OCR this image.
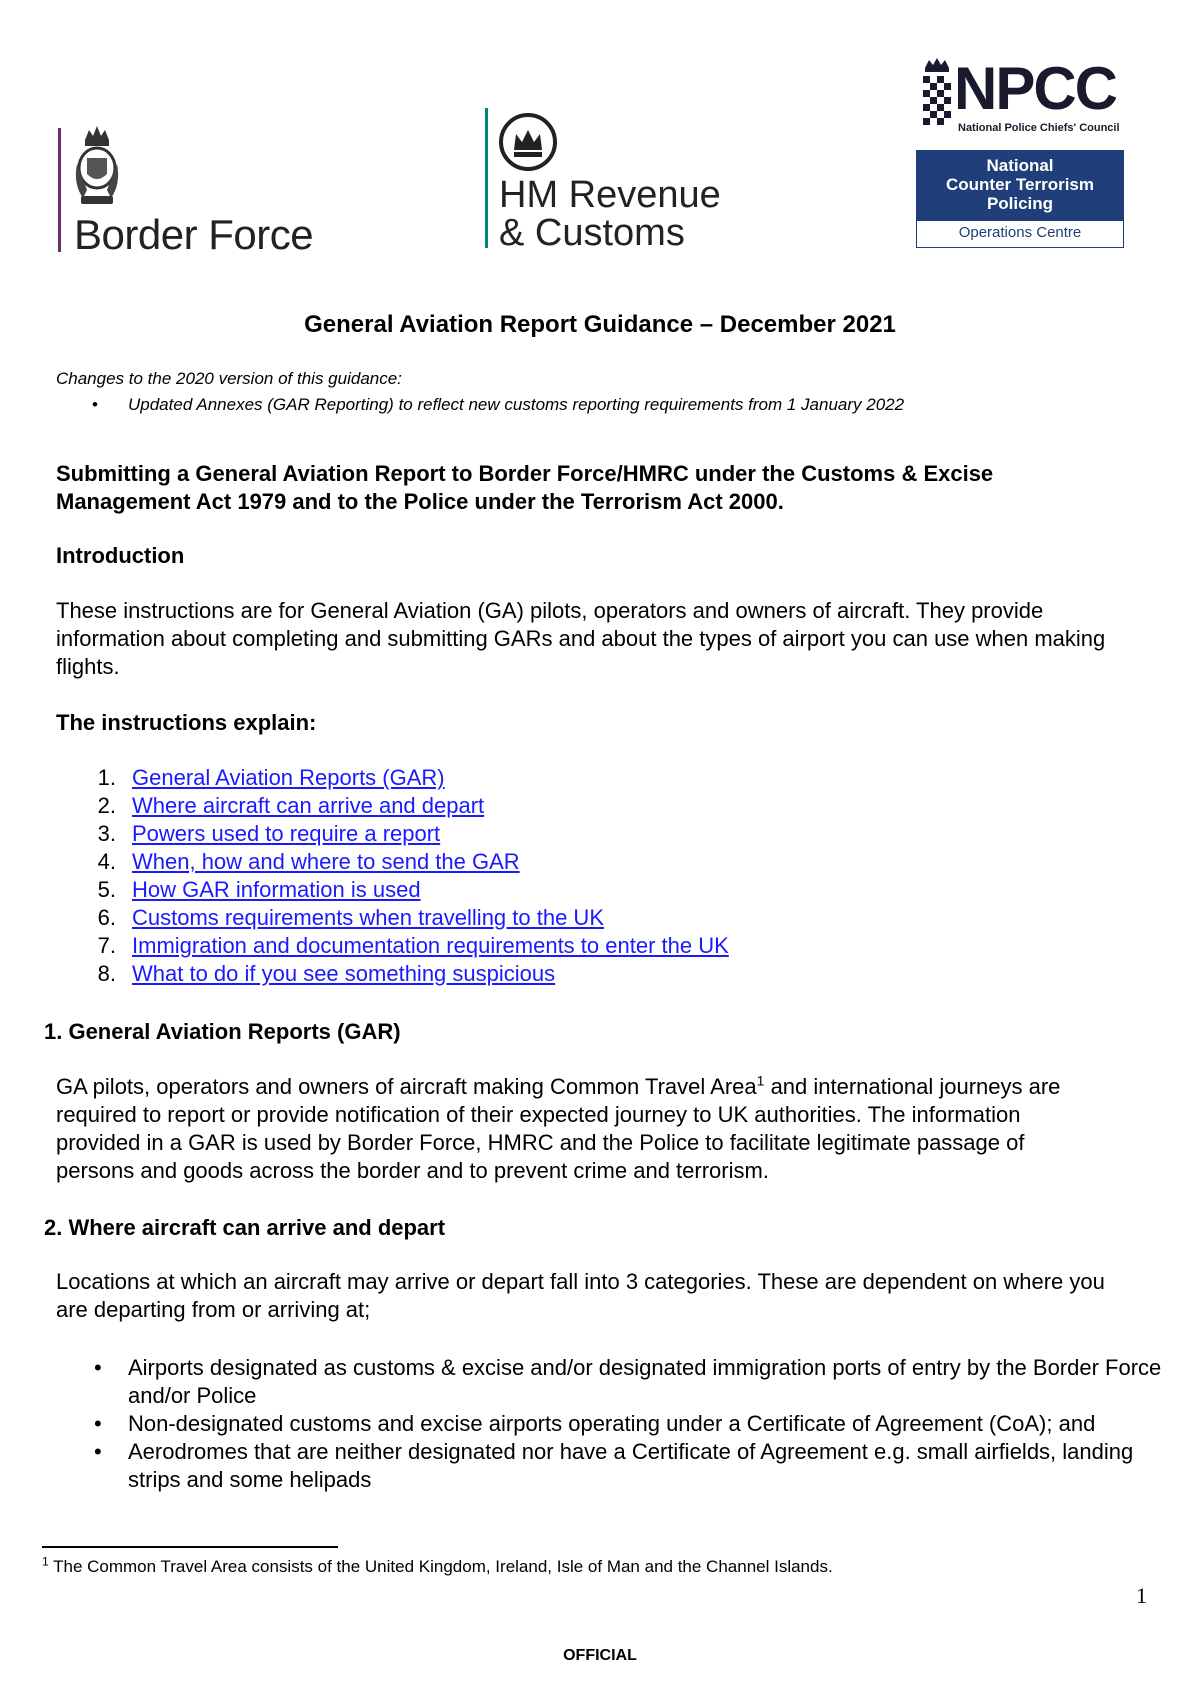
Border Force
HM Revenue
& Customs
NPCC
National Police Chiefs' Council
National
Counter Terrorism
Policing
Operations Centre
General Aviation Report Guidance – December 2021
Changes to the 2020 version of this guidance:
• Updated Annexes (GAR Reporting) to reflect new customs reporting requirements from 1 January 2022
Submitting a General Aviation Report to Border Force/HMRC under the Customs & Excise
Management Act 1979 and to the Police under the Terrorism Act 2000.
Introduction
These instructions are for General Aviation (GA) pilots, operators and owners of aircraft. They provide information about completing and submitting GARs and about the types of airport you can use when making flights.
The instructions explain:
1. General Aviation Reports (GAR)
2. Where aircraft can arrive and depart
3. Powers used to require a report
4. When, how and where to send the GAR
5. How GAR information is used
6. Customs requirements when travelling to the UK
7. Immigration and documentation requirements to enter the UK
8. What to do if you see something suspicious
1. General Aviation Reports (GAR)
GA pilots, operators and owners of aircraft making Common Travel Area$^1$ and international journeys are required to report or provide notification of their expected journey to UK authorities. The information provided in a GAR is used by Border Force, HMRC and the Police to facilitate legitimate passage of persons and goods across the border and to prevent crime and terrorism.
2. Where aircraft can arrive and depart
Locations at which an aircraft may arrive or depart fall into 3 categories. These are dependent on where you are departing from or arriving at;
• Airports designated as customs & excise and/or designated immigration ports of entry by the Border Force and/or Police
• Non-designated customs and excise airports operating under a Certificate of Agreement (CoA); and
• Aerodromes that are neither designated nor have a Certificate of Agreement e.g. small airfields, landing strips and some helipads
$^1$ The Common Travel Area consists of the United Kingdom, Ireland, Isle of Man and the Channel Islands.
1
OFFICIAL
